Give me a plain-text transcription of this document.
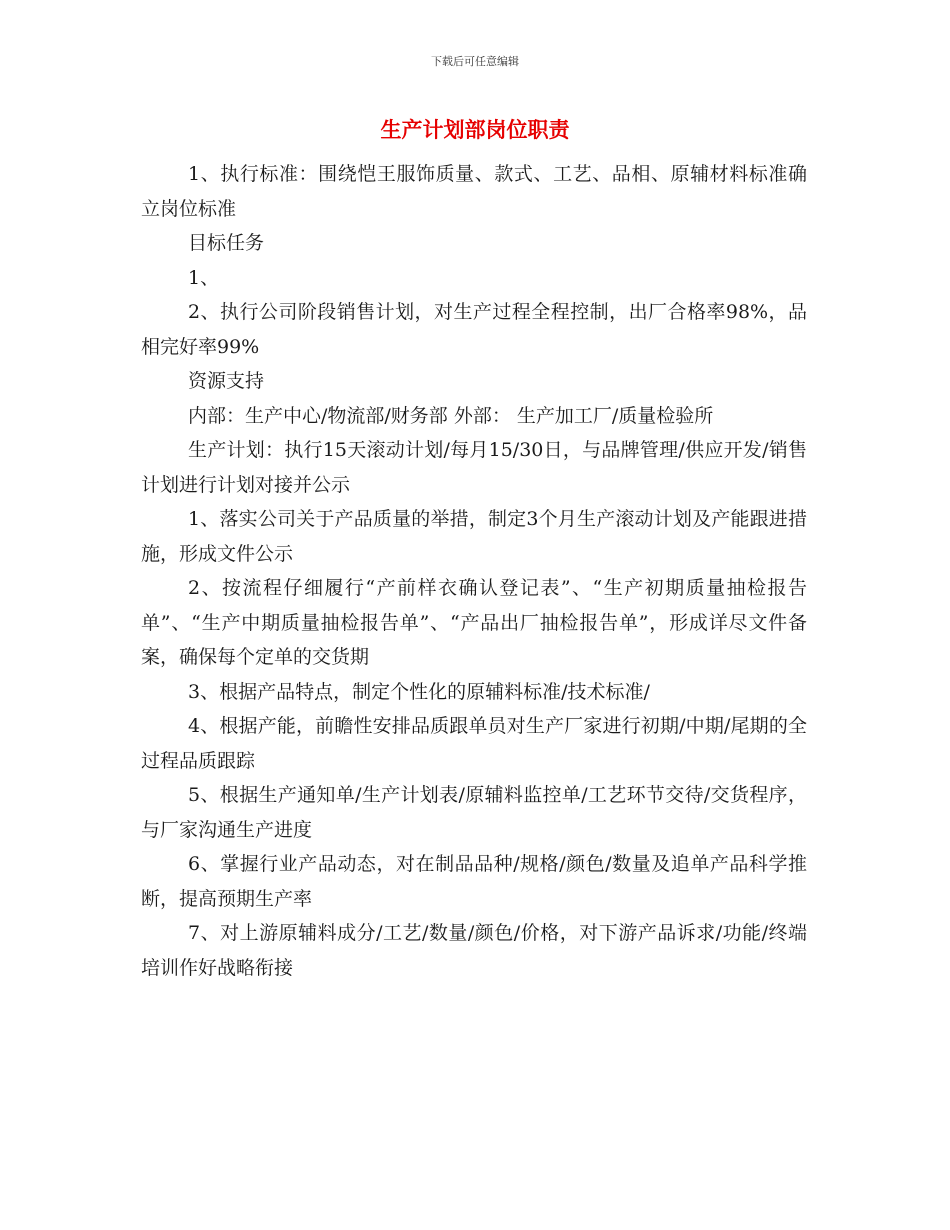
下载后可任意编辑
生产计划部岗位职责

1、执行标准：围绕恺王服饰质量、款式、工艺、品相、原辅材料标准确立岗位标准

目标任务

1、

2、执行公司阶段销售计划，对生产过程全程控制，出厂合格率98%，品相完好率99%

资源支持

内部：生产中心/物流部/财务部 外部： 生产加工厂/质量检验所

生产计划：执行15天滚动计划/每月15/30日，与品牌管理/供应开发/销售计划进行计划对接并公示

1、落实公司关于产品质量的举措，制定3个月生产滚动计划及产能跟进措施，形成文件公示

2、按流程仔细履行“产前样衣确认登记表”、“生产初期质量抽检报告单”、“生产中期质量抽检报告单”、“产品出厂抽检报告单”，形成详尽文件备案，确保每个定单的交货期

3、根据产品特点，制定个性化的原辅料标准/技术标准/

4、根据产能，前瞻性安排品质跟单员对生产厂家进行初期/中期/尾期的全过程品质跟踪

5、根据生产通知单/生产计划表/原辅料监控单/工艺环节交待/交货程序，与厂家沟通生产进度

6、掌握行业产品动态，对在制品品种/规格/颜色/数量及追单产品科学推断，提高预期生产率

7、对上游原辅料成分/工艺/数量/颜色/价格，对下游产品诉求/功能/终端培训作好战略衔接
